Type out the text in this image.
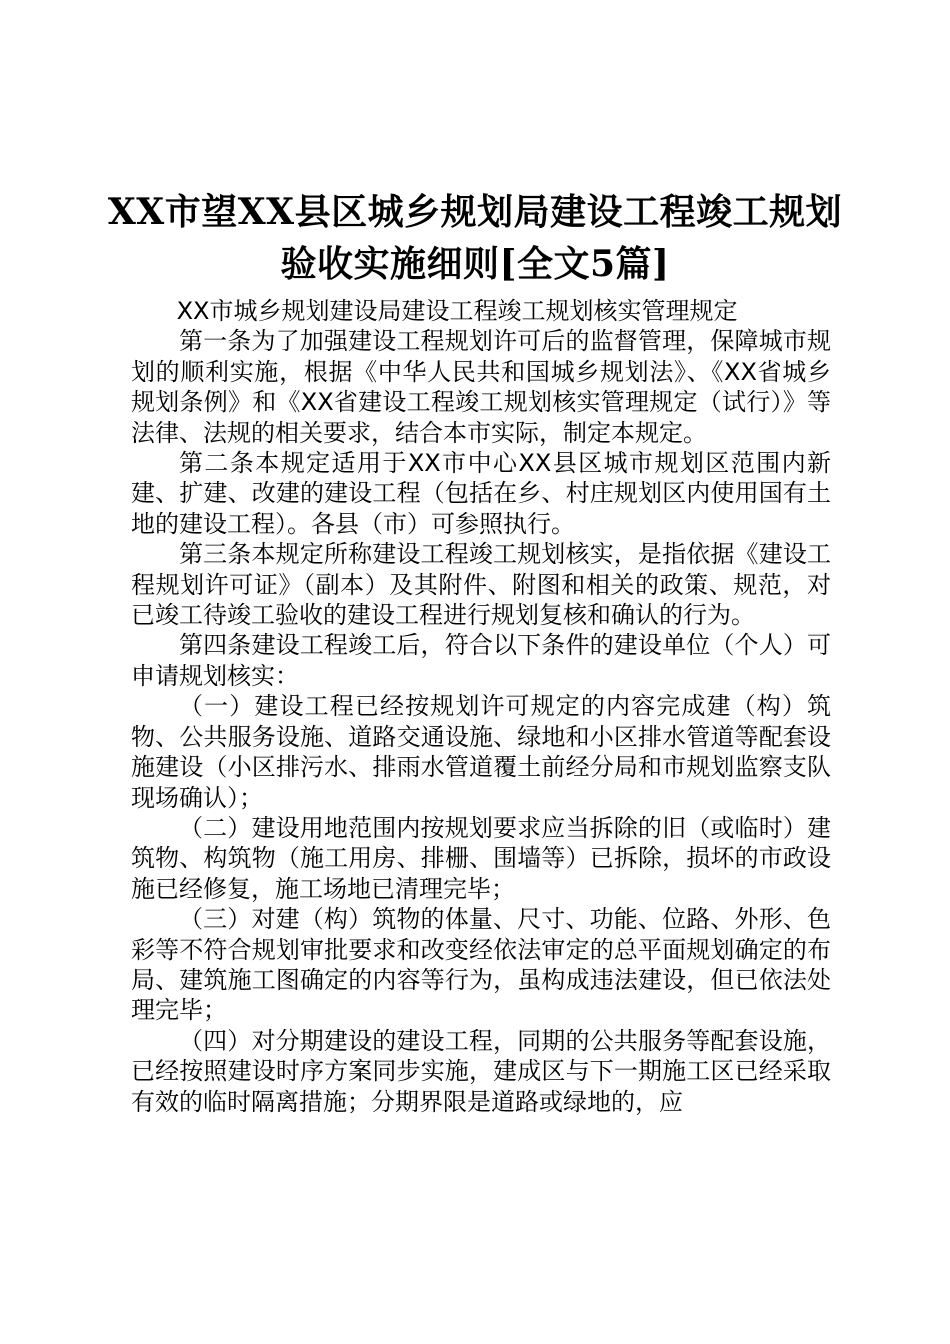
XX市望XX县区城乡规划局建设工程竣工规划
验收实施细则[全文5篇]

XX市城乡规划建设局建设工程竣工规划核实管理规定

第一条为了加强建设工程规划许可后的监督管理，保障城市规划的顺利实施，根据《中华人民共和国城乡规划法》、《XX省城乡规划条例》和《XX省建设工程竣工规划核实管理规定（试行）》等法律、法规的相关要求，结合本市实际，制定本规定。

第二条本规定适用于XX市中心XX县区城市规划区范围内新建、扩建、改建的建设工程（包括在乡、村庄规划区内使用国有土地的建设工程）。各县（市）可参照执行。

第三条本规定所称建设工程竣工规划核实，是指依据《建设工程规划许可证》（副本）及其附件、附图和相关的政策、规范，对已竣工待竣工验收的建设工程进行规划复核和确认的行为。

第四条建设工程竣工后，符合以下条件的建设单位（个人）可申请规划核实：

（一）建设工程已经按规划许可规定的内容完成建（构）筑物、公共服务设施、道路交通设施、绿地和小区排水管道等配套设施建设（小区排污水、排雨水管道覆土前经分局和市规划监察支队现场确认）；

（二）建设用地范围内按规划要求应当拆除的旧（或临时）建筑物、构筑物（施工用房、排栅、围墙等）已拆除，损坏的市政设施已经修复，施工场地已清理完毕；

（三）对建（构）筑物的体量、尺寸、功能、位路、外形、色彩等不符合规划审批要求和改变经依法审定的总平面规划确定的布局、建筑施工图确定的内容等行为，虽构成违法建设，但已依法处理完毕；

（四）对分期建设的建设工程，同期的公共服务等配套设施，已经按照建设时序方案同步实施，建成区与下一期施工区已经采取有效的临时隔离措施；分期界限是道路或绿地的，应
